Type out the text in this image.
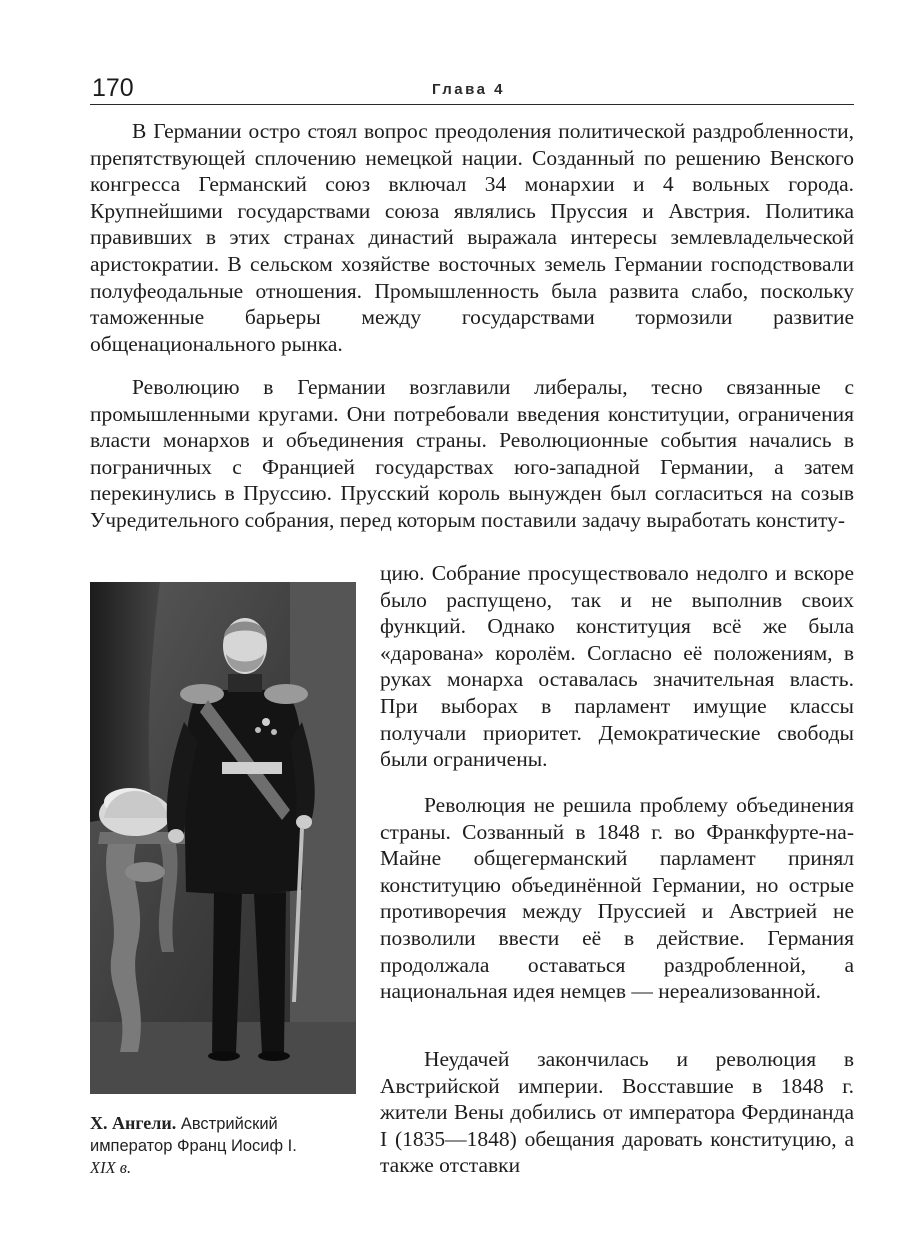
170	Глава 4

В Германии остро стоял вопрос преодоления политической раздробленности, препятствующей сплочению немецкой нации. Созданный по решению Венского конгресса Германский союз включал 34 монархии и 4 вольных города. Крупнейшими государствами союза являлись Пруссия и Австрия. Политика правивших в этих странах династий выражала интересы землевладельческой аристократии. В сельском хозяйстве восточных земель Германии господствовали полуфеодальные отношения. Промышленность была развита слабо, поскольку таможенные барьеры между государствами тормозили развитие общенационального рынка.

Революцию в Германии возглавили либералы, тесно связанные с промышленными кругами. Они потребовали введения конституции, ограничения власти монархов и объединения страны. Революционные события начались в пограничных с Францией государствах юго-западной Германии, а затем перекинулись в Пруссию. Прусский король вынужден был согласиться на созыв Учредительного собрания, перед которым поставили задачу выработать конститу-

цию. Собрание просуществовало недолго и вскоре было распущено, так и не выполнив своих функций. Однако конституция всё же была «дарована» королём. Согласно её положениям, в руках монарха оставалась значительная власть. При выборах в парламент имущие классы получали приоритет. Демократические свободы были ограничены.

Х. Ангели. Австрийский император Франц Иосиф I.
XIX в.

Революция не решила проблему объединения страны. Созванный в 1848 г. во Франкфурте-на-Майне общегерманский парламент принял конституцию объединённой Германии, но острые противоречия между Пруссией и Австрией не позволили ввести её в действие. Германия продолжала оставаться раздробленной, а национальная идея немцев — нереализованной.

Неудачей закончилась и революция в Австрийской империи. Восставшие в 1848 г. жители Вены добились от императора Фердинанда I (1835—1848) обещания даровать конституцию, а также отставки
